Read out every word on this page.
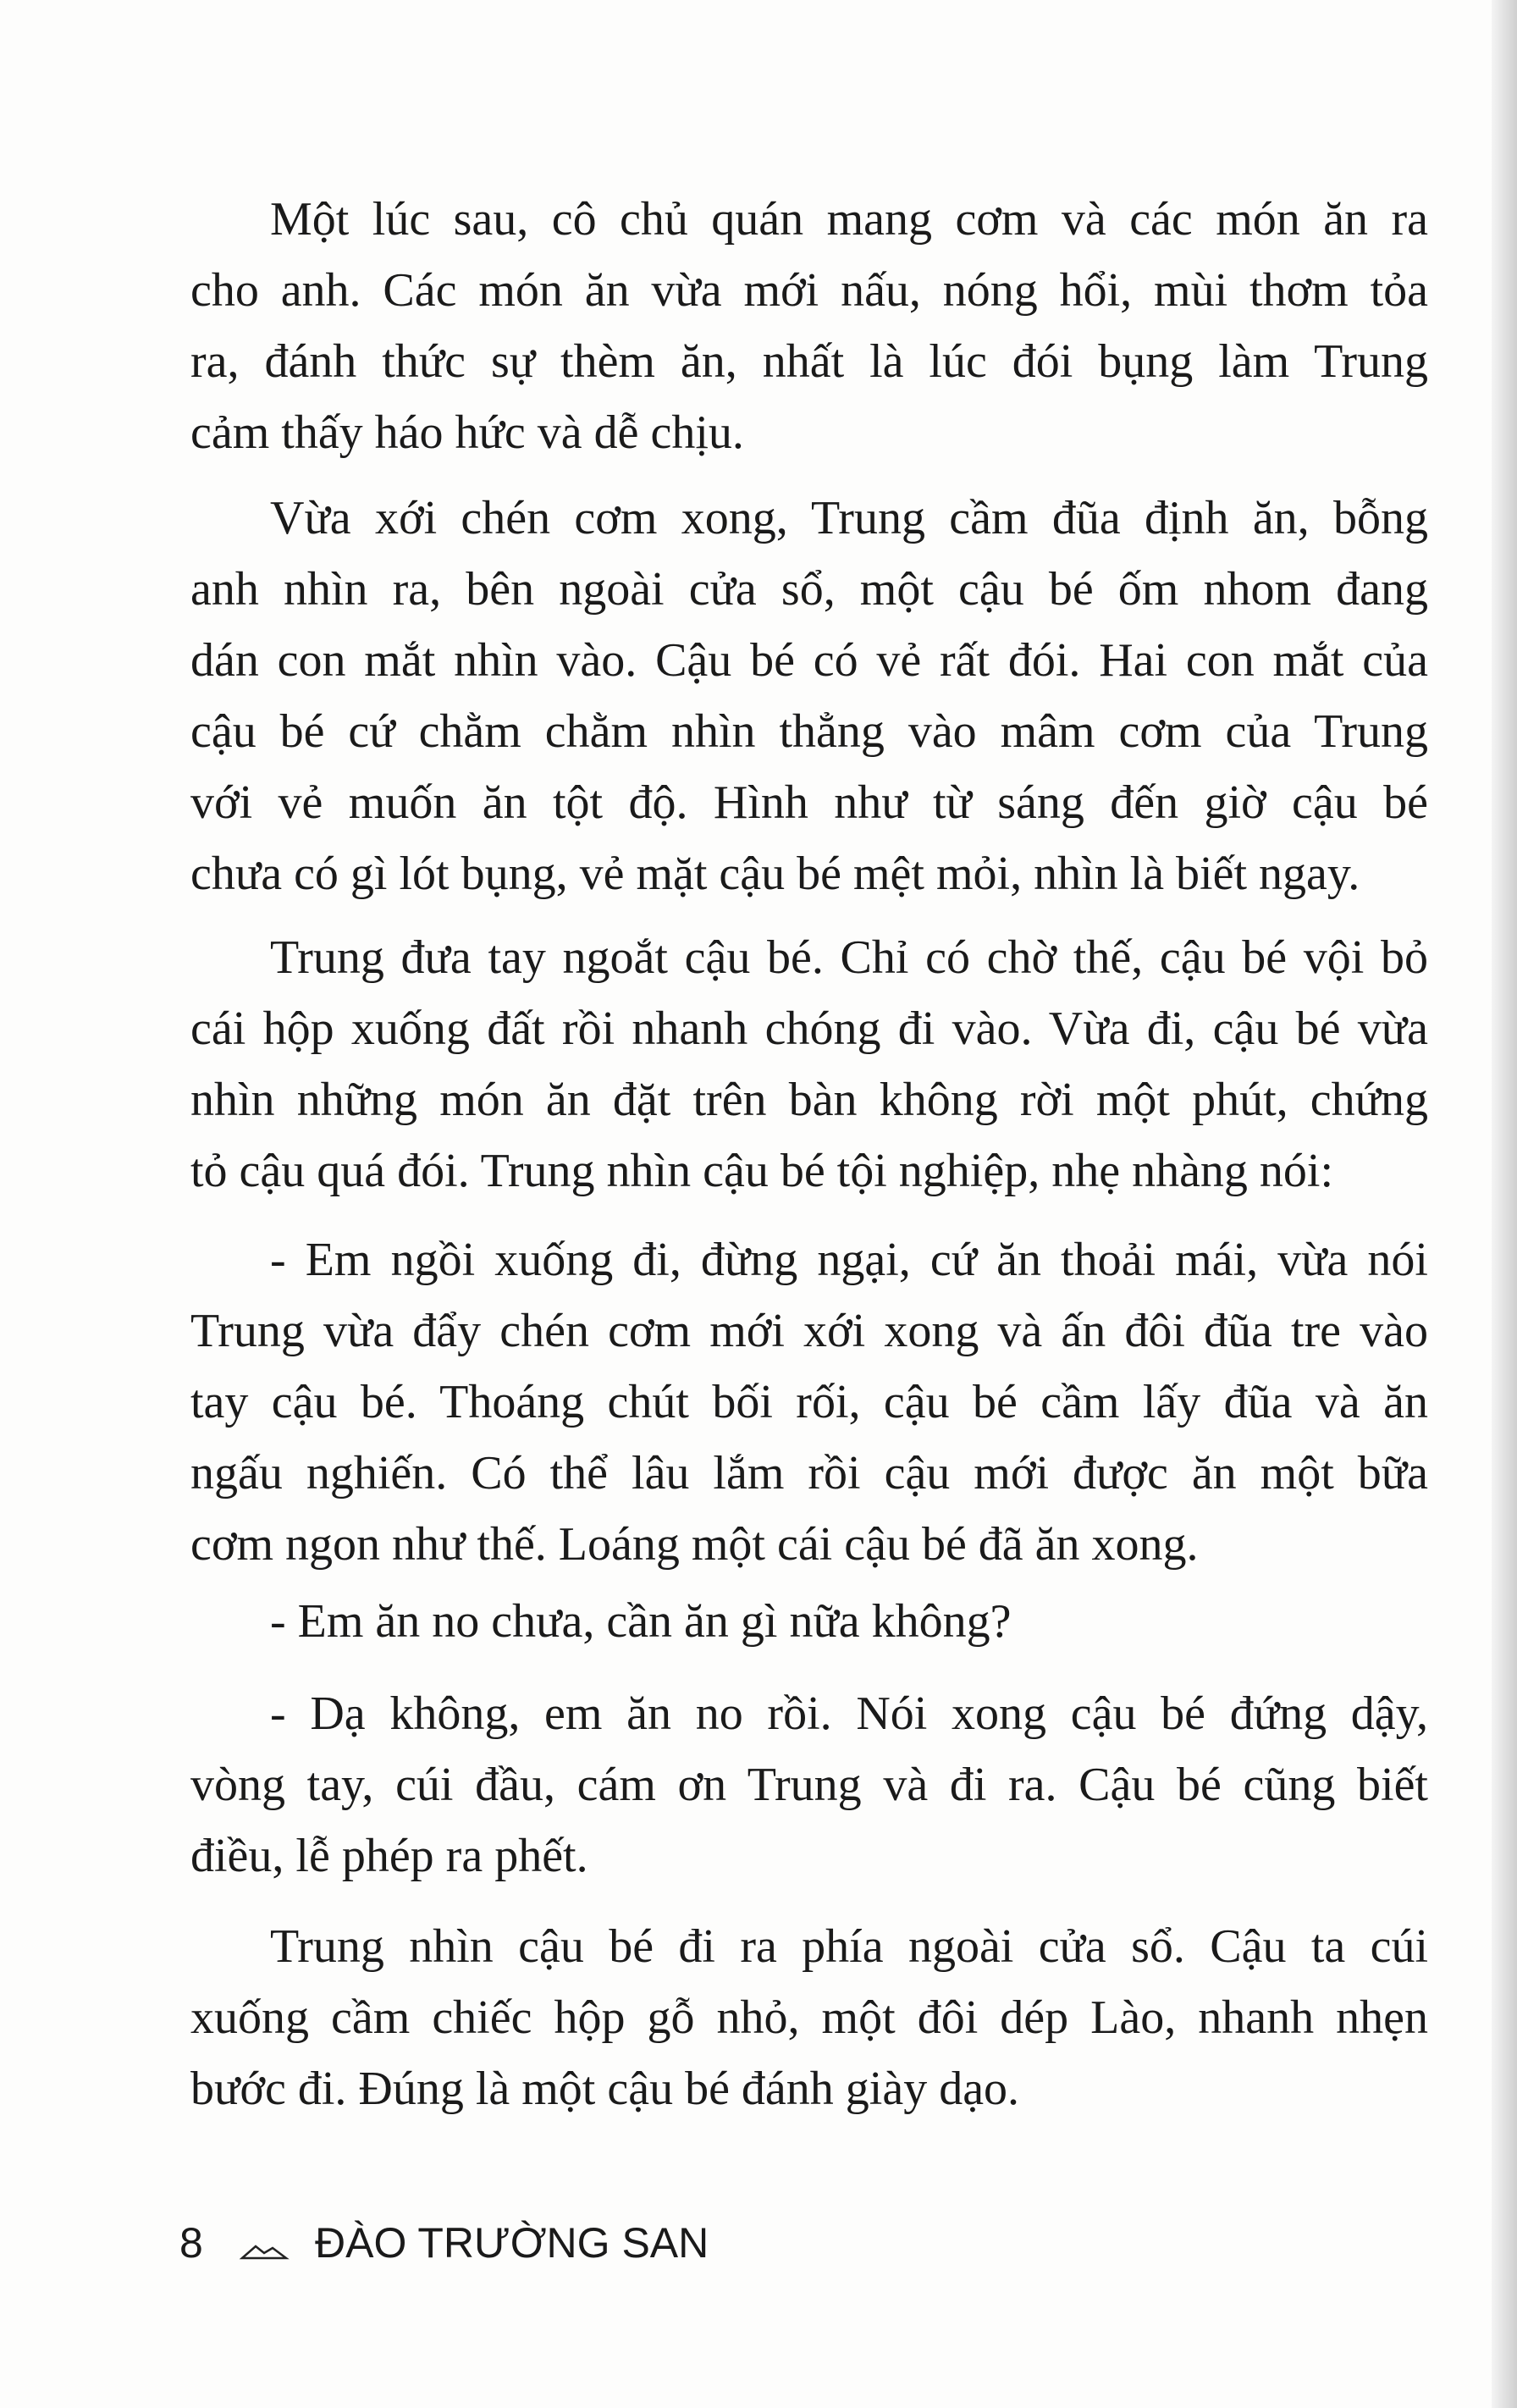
Một lúc sau, cô chủ quán mang cơm và các món ăn ra
cho anh. Các món ăn vừa mới nấu, nóng hổi, mùi thơm tỏa
ra, đánh thức sự thèm ăn, nhất là lúc đói bụng làm Trung
cảm thấy háo hức và dễ chịu.
Vừa xới chén cơm xong, Trung cầm đũa định ăn, bỗng
anh nhìn ra, bên ngoài cửa sổ, một cậu bé ốm nhom đang
dán con mắt nhìn vào. Cậu bé có vẻ rất đói. Hai con mắt của
cậu bé cứ chằm chằm nhìn thẳng vào mâm cơm của Trung
với vẻ muốn ăn tột độ. Hình như từ sáng đến giờ cậu bé
chưa có gì lót bụng, vẻ mặt cậu bé mệt mỏi, nhìn là biết ngay.
Trung đưa tay ngoắt cậu bé. Chỉ có chờ thế, cậu bé vội bỏ
cái hộp xuống đất rồi nhanh chóng đi vào. Vừa đi, cậu bé vừa
nhìn những món ăn đặt trên bàn không rời một phút, chứng
tỏ cậu quá đói. Trung nhìn cậu bé tội nghiệp, nhẹ nhàng nói:
- Em ngồi xuống đi, đừng ngại, cứ ăn thoải mái, vừa nói
Trung vừa đẩy chén cơm mới xới xong và ấn đôi đũa tre vào
tay cậu bé. Thoáng chút bối rối, cậu bé cầm lấy đũa và ăn
ngấu nghiến. Có thể lâu lắm rồi cậu mới được ăn một bữa
cơm ngon như thế. Loáng một cái cậu bé đã ăn xong.
- Em ăn no chưa, cần ăn gì nữa không?
- Dạ không, em ăn no rồi. Nói xong cậu bé đứng dậy,
vòng tay, cúi đầu, cám ơn Trung và đi ra. Cậu bé cũng biết
điều, lễ phép ra phết.
Trung nhìn cậu bé đi ra phía ngoài cửa sổ. Cậu ta cúi
xuống cầm chiếc hộp gỗ nhỏ, một đôi dép Lào, nhanh nhẹn
bước đi. Đúng là một cậu bé đánh giày dạo.
8	ĐÀO TRƯỜNG SAN
